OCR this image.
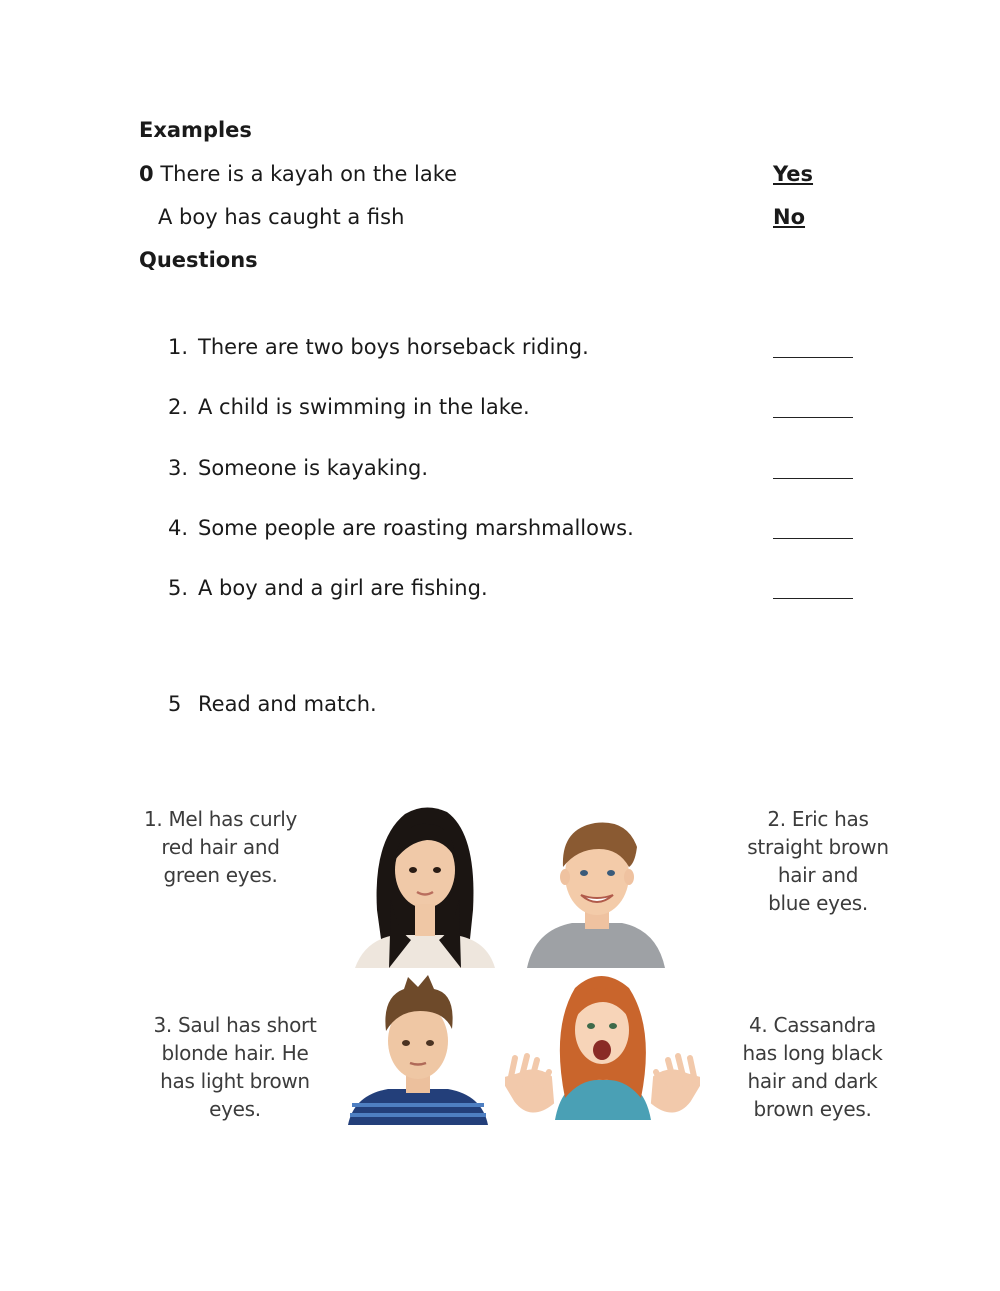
Examples
0 There is a kayah on the lake	Yes
A boy has caught a fish	No
Questions
1. There are two boys horseback riding.
2. A child is swimming in the lake.
3. Someone is kayaking.
4. Some people are roasting marshmallows.
5. A boy and a girl are fishing.
5 Read and match.
1. Mel has curly
red hair and
green eyes.
2. Eric has
straight brown
hair and
blue eyes.
3. Saul has short
blonde hair. He
has light brown
eyes.
4. Cassandra
has long black
hair and dark
brown eyes.
